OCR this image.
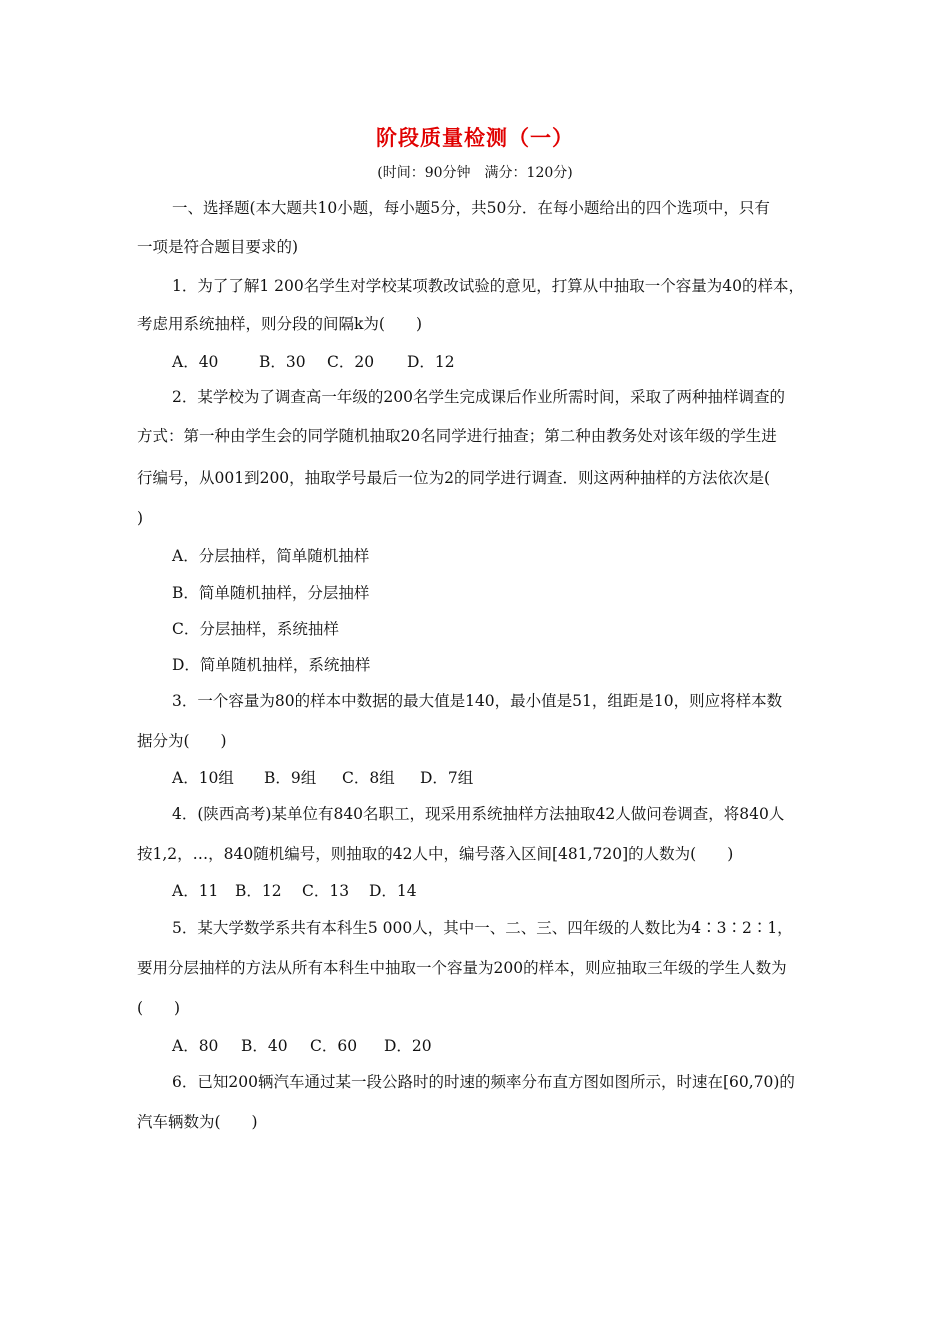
阶段质量检测（一）
(时间：90分钟　满分：120分)
一、选择题(本大题共10小题，每小题5分，共50分．在每小题给出的四个选项中，只有
一项是符合题目要求的)
1．为了了解1 200名学生对学校某项教改试验的意见，打算从中抽取一个容量为40的样本，
考虑用系统抽样，则分段的间隔k为(　　)
A．40	B．30 C．20 D．12
2．某学校为了调查高一年级的200名学生完成课后作业所需时间，采取了两种抽样调查的
方式：第一种由学生会的同学随机抽取20名同学进行抽查；第二种由教务处对该年级的学生进
行编号，从001到200，抽取学号最后一位为2的同学进行调查．则这两种抽样的方法依次是(
)
A．分层抽样，简单随机抽样
B．简单随机抽样，分层抽样
C．分层抽样，系统抽样
D．简单随机抽样，系统抽样
3．一个容量为80的样本中数据的最大值是140，最小值是51，组距是10，则应将样本数
据分为(　　)
A．10组 B．9组 C．8组 D．7组
4．(陕西高考)某单位有840名职工，现采用系统抽样方法抽取42人做问卷调查，将840人
按1,2，…，840随机编号，则抽取的42人中，编号落入区间[481,720]的人数为(　　)
A．11 B．12 C．13 D．14
5．某大学数学系共有本科生5 000人，其中一、二、三、四年级的人数比为4∶3∶2∶1，
要用分层抽样的方法从所有本科生中抽取一个容量为200的样本，则应抽取三年级的学生人数为
(　　)
A．80 B．40 C．60 D．20
6．已知200辆汽车通过某一段公路时的时速的频率分布直方图如图所示，时速在[60,70)的
汽车辆数为(　　)
